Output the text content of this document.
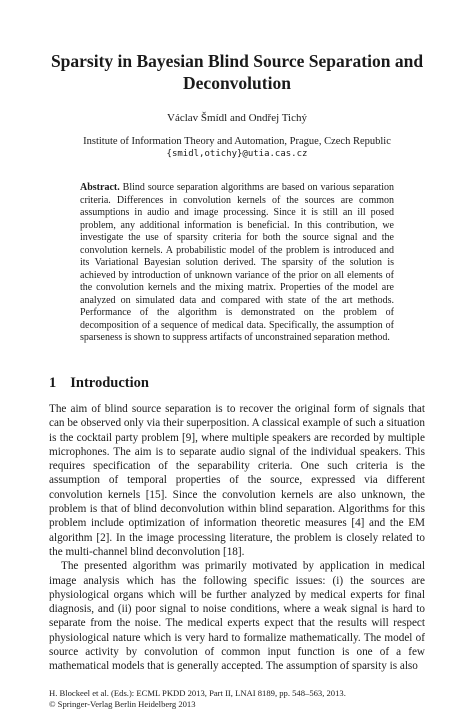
Sparsity in Bayesian Blind Source Separation and Deconvolution
Václav Šmídl and Ondřej Tichý
Institute of Information Theory and Automation, Prague, Czech Republic
{smidl,otichy}@utia.cas.cz

Abstract. Blind source separation algorithms are based on various separation criteria. Differences in convolution kernels of the sources are common assumptions in audio and image processing. Since it is still an ill posed problem, any additional information is beneficial. In this contribution, we investigate the use of sparsity criteria for both the source signal and the convolution kernels. A probabilistic model of the problem is introduced and its Variational Bayesian solution derived. The sparsity of the solution is achieved by introduction of unknown variance of the prior on all elements of the convolution kernels and the mixing matrix. Properties of the model are analyzed on simulated data and compared with state of the art methods. Performance of the algorithm is demonstrated on the problem of decomposition of a sequence of medical data. Specifically, the assumption of sparseness is shown to suppress artifacts of unconstrained separation method.

1 Introduction

The aim of blind source separation is to recover the original form of signals that can be observed only via their superposition. A classical example of such a situation is the cocktail party problem [9], where multiple speakers are recorded by multiple microphones. The aim is to separate audio signal of the individual speakers. This requires specification of the separability criteria. One such criteria is the assumption of temporal properties of the source, expressed via different convolution kernels [15]. Since the convolution kernels are also unknown, the problem is that of blind deconvolution within blind separation. Algorithms for this problem include optimization of information theoretic measures [4] and the EM algorithm [2]. In the image processing literature, the problem is closely related to the multi-channel blind deconvolution [18].

The presented algorithm was primarily motivated by application in medical image analysis which has the following specific issues: (i) the sources are physiological organs which will be further analyzed by medical experts for final diagnosis, and (ii) poor signal to noise conditions, where a weak signal is hard to separate from the noise. The medical experts expect that the results will respect physiological nature which is very hard to formalize mathematically. The model of source activity by convolution of common input function is one of a few mathematical models that is generally accepted. The assumption of sparsity is also

H. Blockeel et al. (Eds.): ECML PKDD 2013, Part II, LNAI 8189, pp. 548–563, 2013.
© Springer-Verlag Berlin Heidelberg 2013
